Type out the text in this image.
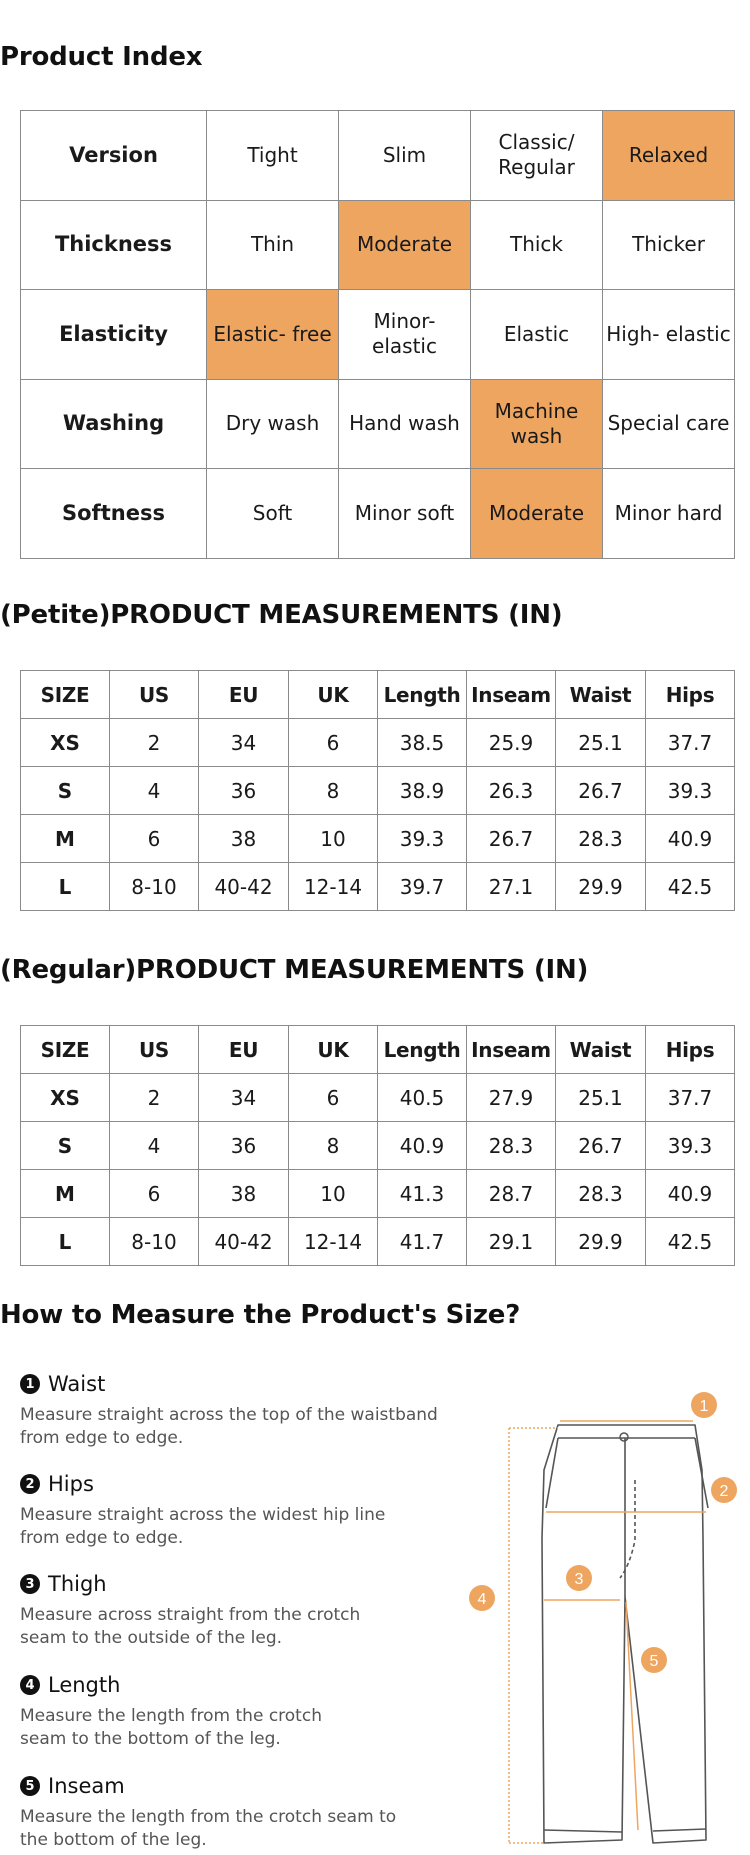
Product Index
Version	Tight	Slim	Classic/ Regular	Relaxed
Thickness	Thin	Moderate	Thick	Thicker
Elasticity	Elastic- free	Minor- elastic	Elastic	High- elastic
Washing	Dry wash	Hand wash	Machine wash	Special care
Softness	Soft	Minor soft	Moderate	Minor hard
(Petite)PRODUCT MEASUREMENTS (IN)
SIZE	US	EU	UK	Length	Inseam	Waist	Hips
XS	2	34	6	38.5	25.9	25.1	37.7
S	4	36	8	38.9	26.3	26.7	39.3
M	6	38	10	39.3	26.7	28.3	40.9
L	8-10	40-42	12-14	39.7	27.1	29.9	42.5
(Regular)PRODUCT MEASUREMENTS (IN)
SIZE	US	EU	UK	Length	Inseam	Waist	Hips
XS	2	34	6	40.5	27.9	25.1	37.7
S	4	36	8	40.9	28.3	26.7	39.3
M	6	38	10	41.3	28.7	28.3	40.9
L	8-10	40-42	12-14	41.7	29.1	29.9	42.5
How to Measure the Product's Size?
1 Waist
Measure straight across the top of the waistband from edge to edge.
2 Hips
Measure straight across the widest hip line from edge to edge.
3 Thigh
Measure across straight from the crotch seam to the outside of the leg.
4 Length
Measure the length from the crotch seam to the bottom of the leg.
5 Inseam
Measure the length from the crotch seam to the bottom of the leg.
1
2
3
4
5
